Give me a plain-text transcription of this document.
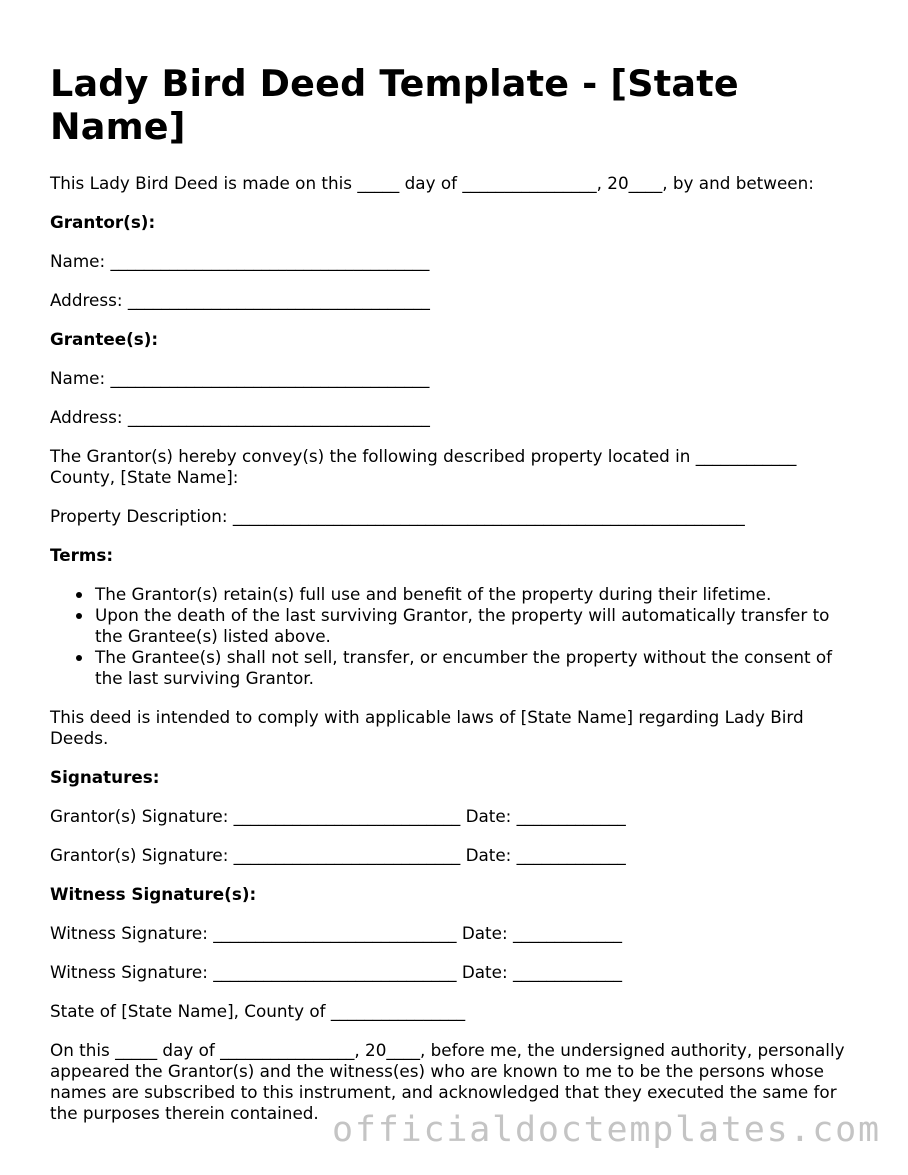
Lady Bird Deed Template - [State Name]

This Lady Bird Deed is made on this _____ day of ________________, 20____, by and between:

Grantor(s):

Name: ______________________________________

Address: ____________________________________

Grantee(s):

Name: ______________________________________

Address: ____________________________________

The Grantor(s) hereby convey(s) the following described property located in ____________ County, [State Name]:

Property Description: _____________________________________________________________

Terms:

The Grantor(s) retain(s) full use and benefit of the property during their lifetime.
Upon the death of the last surviving Grantor, the property will automatically transfer to the Grantee(s) listed above.
The Grantee(s) shall not sell, transfer, or encumber the property without the consent of the last surviving Grantor.

This deed is intended to comply with applicable laws of [State Name] regarding Lady Bird Deeds.

Signatures:

Grantor(s) Signature: ___________________________ Date: _____________

Grantor(s) Signature: ___________________________ Date: _____________

Witness Signature(s):

Witness Signature: _____________________________ Date: _____________

Witness Signature: _____________________________ Date: _____________

State of [State Name], County of ________________

On this _____ day of ________________, 20____, before me, the undersigned authority, personally appeared the Grantor(s) and the witness(es) who are known to me to be the persons whose names are subscribed to this instrument, and acknowledged that they executed the same for the purposes therein contained. officialdoctemplates.com
